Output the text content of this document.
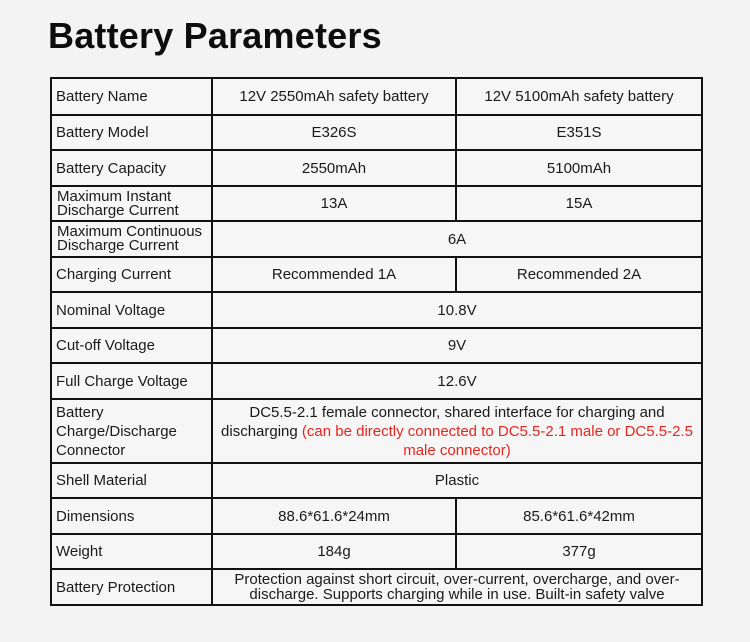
Battery Parameters
Battery Name	12V 2550mAh safety battery	12V 5100mAh safety battery
Battery Model	E326S	E351S
Battery Capacity	2550mAh	5100mAh
Maximum Instant
Discharge Current	13A	15A
Maximum Continuous
Discharge Current	6A	
Charging Current	Recommended 1A	Recommended 2A
Nominal Voltage	10.8V	
Cut-off Voltage	9V	
Full Charge Voltage	12.6V	
Battery
Charge/Discharge
Connector	DC5.5-2.1 female connector, shared interface for charging and discharging (can be directly connected to DC5.5-2.1 male or DC5.5-2.5 male connector)	
Shell Material	Plastic	
Dimensions	88.6*61.6*24mm	85.6*61.6*42mm
Weight	184g	377g
Battery Protection	Protection against short circuit, over-current, overcharge, and over-discharge. Supports charging while in use. Built-in safety valve	
